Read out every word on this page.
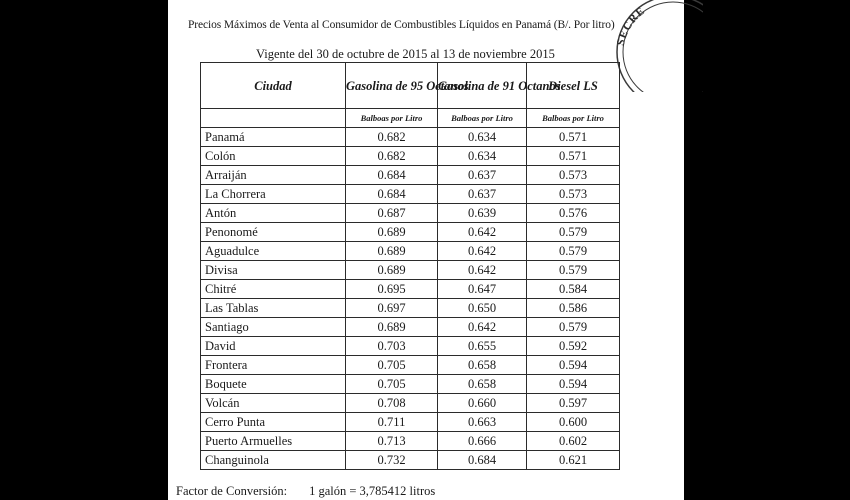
SECRE
Precios Máximos de Venta al Consumidor de Combustibles Líquidos en Panamá (B/. Por litro)
Vigente del 30 de octubre de 2015 al 13 de noviembre 2015
Ciudad	Gasolina de 95 Octanos	Gasolina de 91 Octanos	Diesel LS
	Balboas por Litro	Balboas por Litro	Balboas por Litro
Panamá	0.682	0.634	0.571
Colón	0.682	0.634	0.571
Arraiján	0.684	0.637	0.573
La Chorrera	0.684	0.637	0.573
Antón	0.687	0.639	0.576
Penonomé	0.689	0.642	0.579
Aguadulce	0.689	0.642	0.579
Divisa	0.689	0.642	0.579
Chitré	0.695	0.647	0.584
Las Tablas	0.697	0.650	0.586
Santiago	0.689	0.642	0.579
David	0.703	0.655	0.592
Frontera	0.705	0.658	0.594
Boquete	0.705	0.658	0.594
Volcán	0.708	0.660	0.597
Cerro Punta	0.711	0.663	0.600
Puerto Armuelles	0.713	0.666	0.602
Changuinola	0.732	0.684	0.621
Factor de Conversión: 1 galón = 3,785412 litros
